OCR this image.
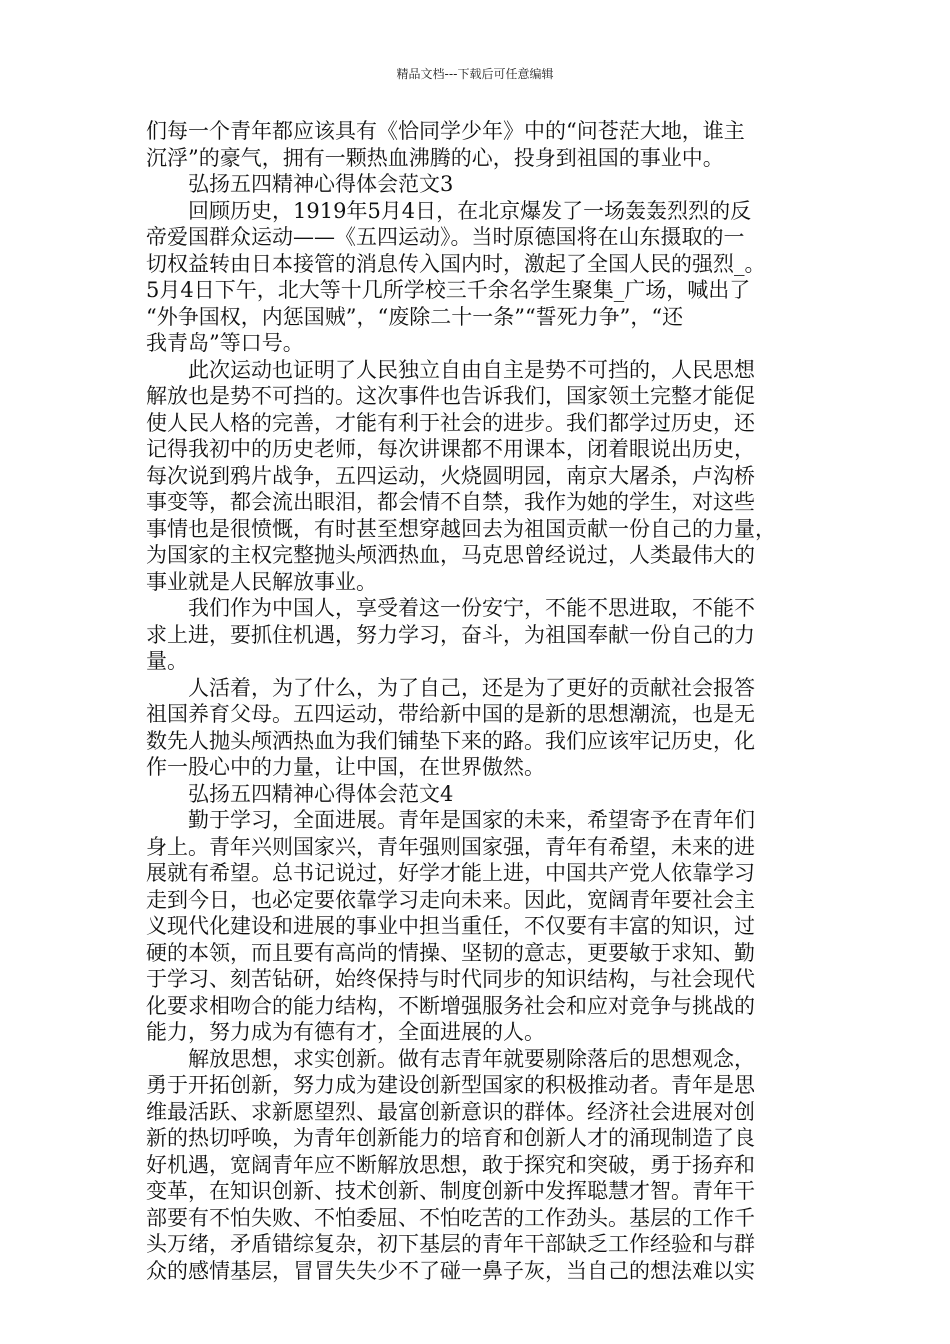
精品文档---下载后可任意编辑
们每一个青年都应该具有《恰同学少年》中的“问苍茫大地，谁主
沉浮”的豪气，拥有一颗热血沸腾的心，投身到祖国的事业中。
弘扬五四精神心得体会范文3
回顾历史，1919年5月4日，在北京爆发了一场轰轰烈烈的反
帝爱国群众运动——《五四运动》。当时原德国将在山东摄取的一
切权益转由日本接管的消息传入国内时，激起了全国人民的强烈_。
5月4日下午，北大等十几所学校三千余名学生聚集_广场，喊出了
“外争国权，内惩国贼”，“废除二十一条”“誓死力争”，“还
我青岛”等口号。
此次运动也证明了人民独立自由自主是势不可挡的，人民思想
解放也是势不可挡的。这次事件也告诉我们，国家领土完整才能促
使人民人格的完善，才能有利于社会的进步。我们都学过历史，还
记得我初中的历史老师，每次讲课都不用课本，闭着眼说出历史，
每次说到鸦片战争，五四运动，火烧圆明园，南京大屠杀，卢沟桥
事变等，都会流出眼泪，都会情不自禁，我作为她的学生，对这些
事情也是很愤慨，有时甚至想穿越回去为祖国贡献一份自己的力量，
为国家的主权完整抛头颅洒热血，马克思曾经说过，人类最伟大的
事业就是人民解放事业。
我们作为中国人，享受着这一份安宁，不能不思进取，不能不
求上进，要抓住机遇，努力学习，奋斗，为祖国奉献一份自己的力
量。
人活着，为了什么，为了自己，还是为了更好的贡献社会报答
祖国养育父母。五四运动，带给新中国的是新的思想潮流，也是无
数先人抛头颅洒热血为我们铺垫下来的路。我们应该牢记历史，化
作一股心中的力量，让中国，在世界傲然。
弘扬五四精神心得体会范文4
勤于学习，全面进展。青年是国家的未来，希望寄予在青年们
身上。青年兴则国家兴，青年强则国家强，青年有希望，未来的进
展就有希望。总书记说过，好学才能上进，中国共产党人依靠学习
走到今日，也必定要依靠学习走向未来。因此，宽阔青年要社会主
义现代化建设和进展的事业中担当重任，不仅要有丰富的知识，过
硬的本领，而且要有高尚的情操、坚韧的意志，更要敏于求知、勤
于学习、刻苦钻研，始终保持与时代同步的知识结构，与社会现代
化要求相吻合的能力结构，不断增强服务社会和应对竞争与挑战的
能力，努力成为有德有才，全面进展的人。
解放思想，求实创新。做有志青年就要剔除落后的思想观念，
勇于开拓创新，努力成为建设创新型国家的积极推动者。青年是思
维最活跃、求新愿望烈、最富创新意识的群体。经济社会进展对创
新的热切呼唤，为青年创新能力的培育和创新人才的涌现制造了良
好机遇，宽阔青年应不断解放思想，敢于探究和突破，勇于扬弃和
变革，在知识创新、技术创新、制度创新中发挥聪慧才智。青年干
部要有不怕失败、不怕委屈、不怕吃苦的工作劲头。基层的工作千
头万绪，矛盾错综复杂，初下基层的青年干部缺乏工作经验和与群
众的感情基层，冒冒失失少不了碰一鼻子灰，当自己的想法难以实
